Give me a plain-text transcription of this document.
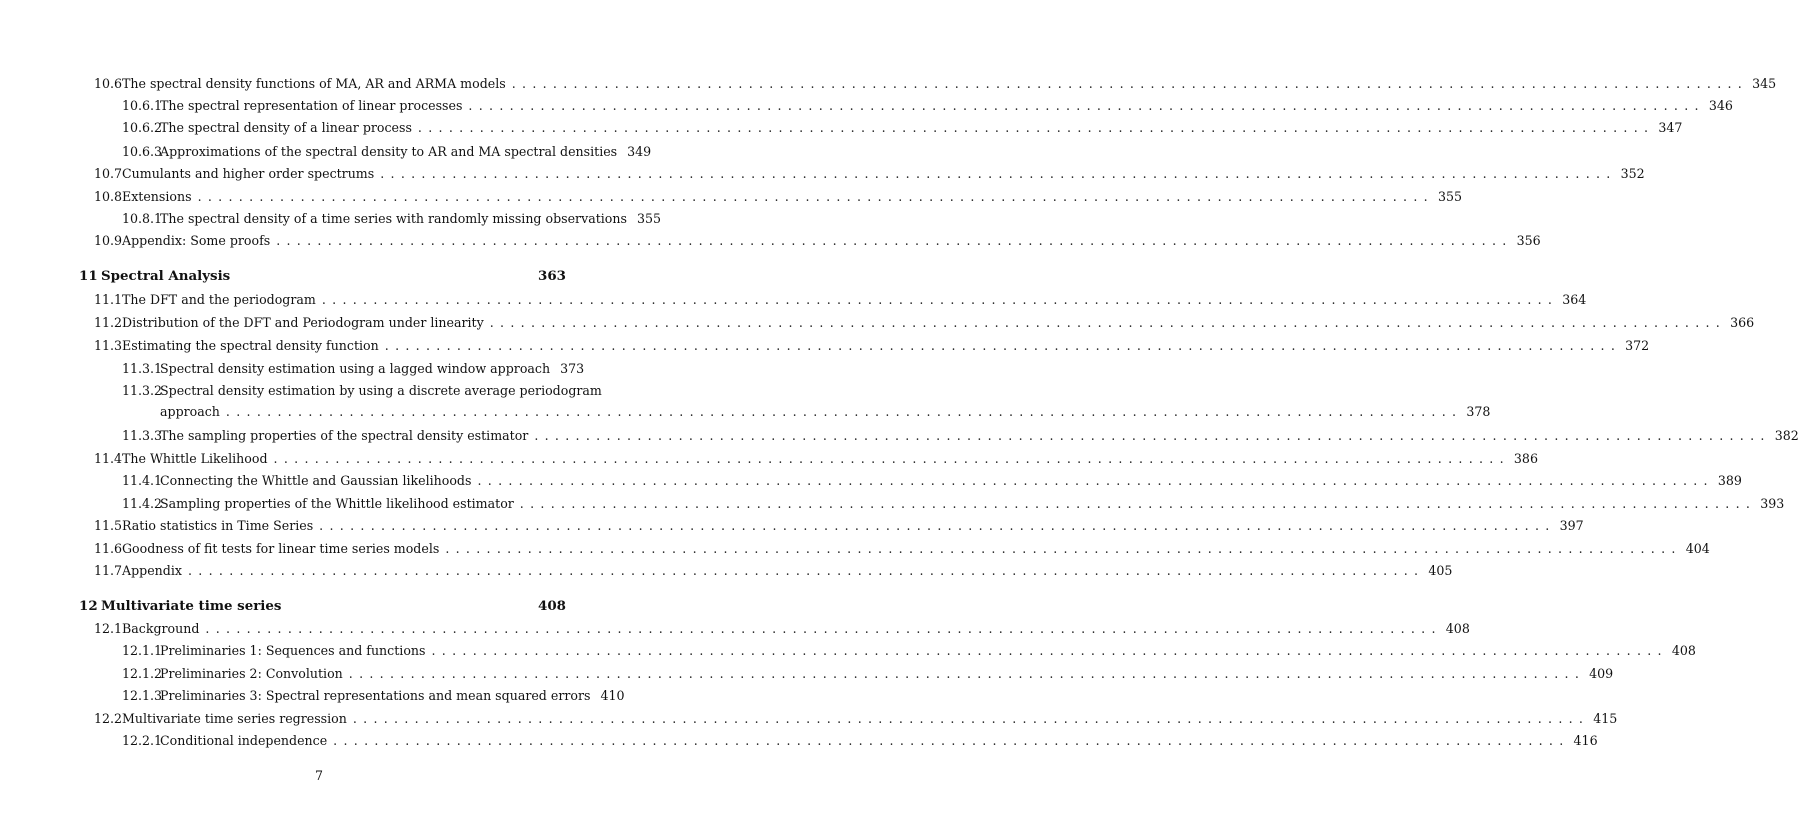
10.6 The spectral density functions of MA, AR and ARMA models ........................................................................................................................ 345
10.6.1
The spectral representation of linear processes ........................................................................................................................ 346
10.6.2
The spectral density of a linear process ........................................................................................................................ 347
10.6.3
Approximations of the spectral density to AR and MA spectral densities 349
10.7 Cumulants and higher order spectrums ........................................................................................................................ 352
10.8 Extensions ........................................................................................................................ 355
10.8.1
The spectral density of a time series with randomly missing observations 355
10.9 Appendix: Some proofs ........................................................................................................................ 356
11 Spectral Analysis	363
11.1 The DFT and the periodogram ........................................................................................................................ 364
11.2 Distribution of the DFT and Periodogram under linearity ........................................................................................................................ 366
11.3 Estimating the spectral density function ........................................................................................................................ 372
11.3.1
Spectral density estimation using a lagged window approach 373
11.3.2
Spectral density estimation by using a discrete average periodogram
approach ........................................................................................................................ 378
11.3.3
The sampling properties of the spectral density estimator ........................................................................................................................ 382
11.4 The Whittle Likelihood ........................................................................................................................ 386
11.4.1
Connecting the Whittle and Gaussian likelihoods ........................................................................................................................ 389
11.4.2
Sampling properties of the Whittle likelihood estimator ........................................................................................................................ 393
11.5 Ratio statistics in Time Series ........................................................................................................................ 397
11.6 Goodness of fit tests for linear time series models ........................................................................................................................ 404
11.7 Appendix ........................................................................................................................ 405
12 Multivariate time series	408
12.1 Background ........................................................................................................................ 408
12.1.1
Preliminaries 1: Sequences and functions ........................................................................................................................ 408
12.1.2
Preliminaries 2: Convolution ........................................................................................................................ 409
12.1.3
Preliminaries 3: Spectral representations and mean squared errors 410
12.2 Multivariate time series regression ........................................................................................................................ 415
12.2.1
Conditional independence ........................................................................................................................ 416
7
